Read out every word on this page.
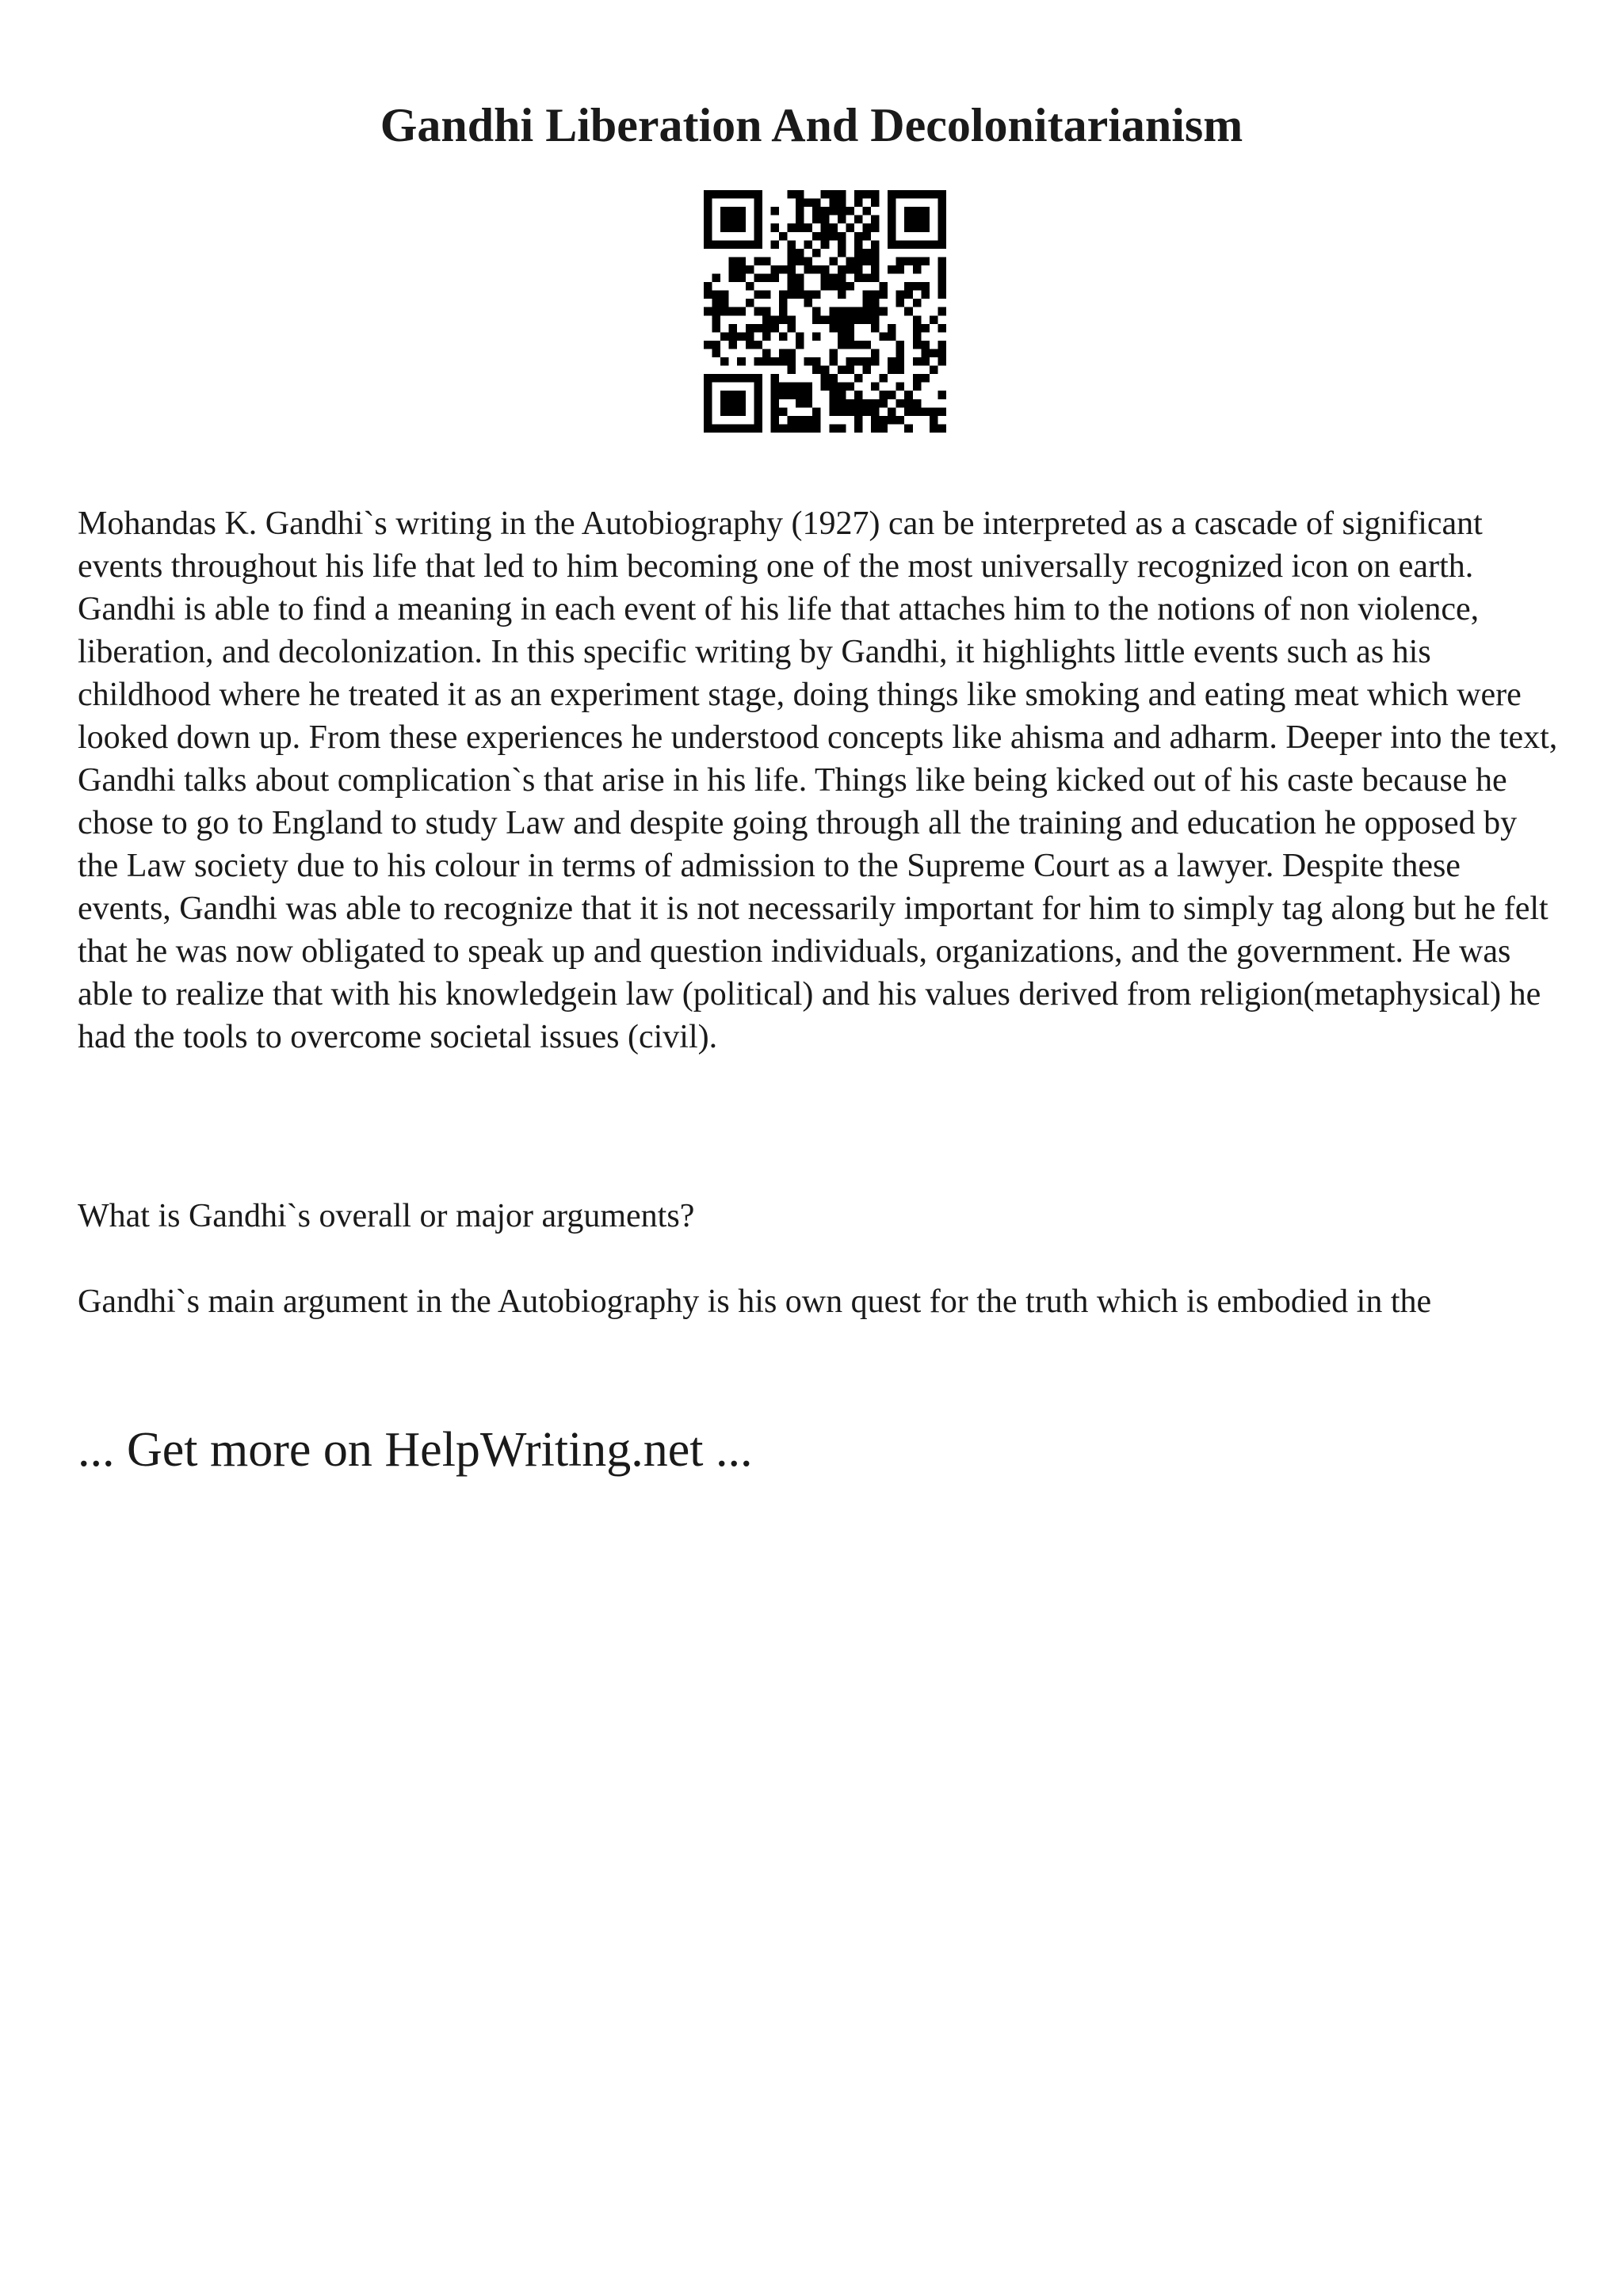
Gandhi Liberation And Decolonitarianism

Mohandas K. Gandhi`s writing in the Autobiography (1927) can be interpreted as a cascade of significant events throughout his life that led to him becoming one of the most universally recognized icon on earth. Gandhi is able to find a meaning in each event of his life that attaches him to the notions of non violence, liberation, and decolonization. In this specific writing by Gandhi, it highlights little events such as his childhood where he treated it as an experiment stage, doing things like smoking and eating meat which were looked down up. From these experiences he understood concepts like ahisma and adharm. Deeper into the text, Gandhi talks about complication`s that arise in his life. Things like being kicked out of his caste because he chose to go to England to study Law and despite going through all the training and education he opposed by the Law society due to his colour in terms of admission to the Supreme Court as a lawyer. Despite these events, Gandhi was able to recognize that it is not necessarily important for him to simply tag along but he felt that he was now obligated to speak up and question individuals, organizations, and the government. He was able to realize that with his knowledgein law (political) and his values derived from religion(metaphysical) he had the tools to overcome societal issues (civil).

What is Gandhi`s overall or major arguments?

Gandhi`s main argument in the Autobiography is his own quest for the truth which is embodied in the

... Get more on HelpWriting.net ...
